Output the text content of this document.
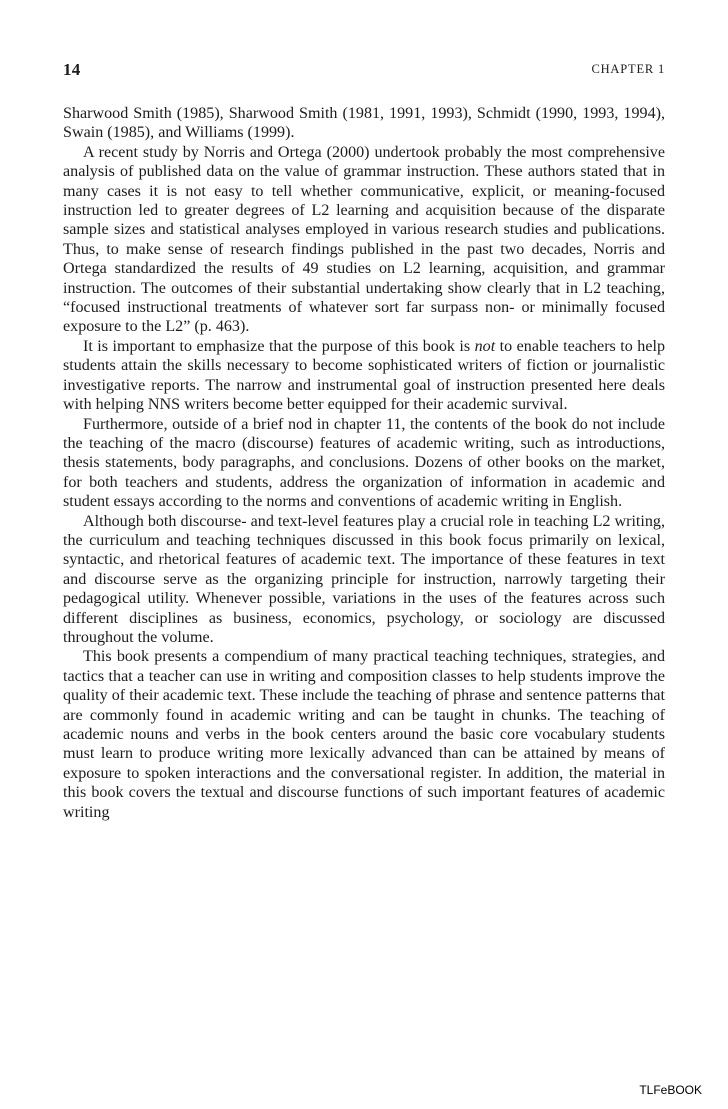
14	CHAPTER 1

Sharwood Smith (1985), Sharwood Smith (1981, 1991, 1993), Schmidt (1990, 1993, 1994), Swain (1985), and Williams (1999).

A recent study by Norris and Ortega (2000) undertook probably the most comprehensive analysis of published data on the value of grammar instruction. These authors stated that in many cases it is not easy to tell whether communicative, explicit, or meaning-focused instruction led to greater degrees of L2 learning and acquisition because of the disparate sample sizes and statistical analyses employed in various research studies and publications. Thus, to make sense of research findings published in the past two decades, Norris and Ortega standardized the results of 49 studies on L2 learning, acquisition, and grammar instruction. The outcomes of their substantial undertaking show clearly that in L2 teaching, “focused instructional treatments of whatever sort far surpass non- or minimally focused exposure to the L2” (p. 463).

It is important to emphasize that the purpose of this book is not to enable teachers to help students attain the skills necessary to become sophisticated writers of fiction or journalistic investigative reports. The narrow and instrumental goal of instruction presented here deals with helping NNS writers become better equipped for their academic survival.

Furthermore, outside of a brief nod in chapter 11, the contents of the book do not include the teaching of the macro (discourse) features of academic writing, such as introductions, thesis statements, body paragraphs, and conclusions. Dozens of other books on the market, for both teachers and students, address the organization of information in academic and student essays according to the norms and conventions of academic writing in English.

Although both discourse- and text-level features play a crucial role in teaching L2 writing, the curriculum and teaching techniques discussed in this book focus primarily on lexical, syntactic, and rhetorical features of academic text. The importance of these features in text and discourse serve as the organizing principle for instruction, narrowly targeting their pedagogical utility. Whenever possible, variations in the uses of the features across such different disciplines as business, economics, psychology, or sociology are discussed throughout the volume.

This book presents a compendium of many practical teaching techniques, strategies, and tactics that a teacher can use in writing and composition classes to help students improve the quality of their academic text. These include the teaching of phrase and sentence patterns that are commonly found in academic writing and can be taught in chunks. The teaching of academic nouns and verbs in the book centers around the basic core vocabulary students must learn to produce writing more lexically advanced than can be attained by means of exposure to spoken interactions and the conversational register. In addition, the material in this book covers the textual and discourse functions of such important features of academic writing

TLFeBOOK
